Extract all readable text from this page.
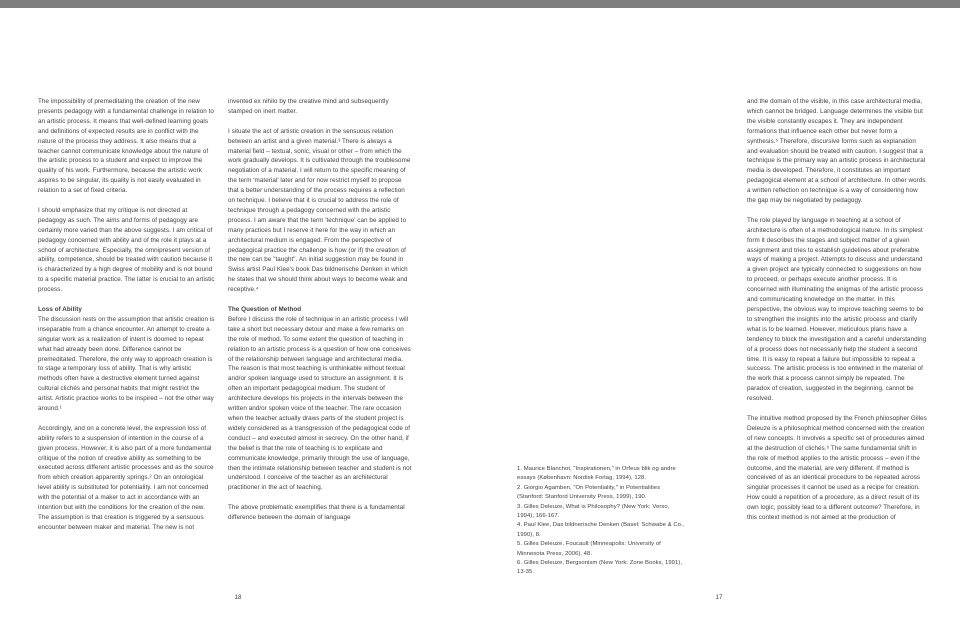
The impossibility of premeditating the creation of the new presents pedagogy with a fundamental challenge in relation to an artistic process. It means that well-defined learning goals and definitions of expected results are in conflict with the nature of the process they address. It also means that a teacher cannot communicate knowledge about the nature of the artistic process to a student and expect to improve the quality of his work. Furthermore, because the artistic work aspires to be singular, its quality is not easily evaluated in relation to a set of fixed criteria.
I should emphasize that my critique is not directed at pedagogy as such. The aims and forms of pedagogy are certainly more varied than the above suggests. I am critical of pedagogy concerned with ability and of the role it plays at a school of architecture. Especially, the omnipresent version of ability, competence, should be treated with caution because it is characterized by a high degree of mobility and is not bound to a specific material practice. The latter is crucial to an artistic process.
Loss of Ability
The discussion rests on the assumption that artistic creation is inseparable from a chance encounter. An attempt to create a singular work as a realization of intent is doomed to repeat what had already been done. Difference cannot be premeditated. Therefore, the only way to approach creation is to stage a temporary loss of ability. That is why artistic methods often have a destructive element turned against cultural clichés and personal habits that might restrict the artist. Artistic practice works to be inspired – not the other way around.¹
Accordingly, and on a concrete level, the expression loss of ability refers to a suspension of intention in the course of a given process. However, it is also part of a more fundamental critique of the notion of creative ability as something to be executed across different artistic processes and as the source from which creation apparently springs.² On an ontological level ability is substituted for potentiality. I am not concerned with the potential of a maker to act in accordance with an intention but with the conditions for the creation of the new. The assumption is that creation is triggered by a sensuous encounter between maker and material. The new is not
invented ex nihilo by the creative mind and subsequently stamped on inert matter.
I situate the act of artistic creation in the sensuous relation between an artist and a given material.³ There is always a material field – textual, sonic, visual or other – from which the work gradually develops. It is cultivated through the troublesome negotiation of a material. I will return to the specific meaning of the term 'material' later and for now restrict myself to propose that a better understanding of the process requires a reflection on technique. I believe that it is crucial to address the role of technique through a pedagogy concerned with the artistic process. I am aware that the term 'technique' can be applied to many practices but I reserve it here for the way in which an architectural medium is engaged. From the perspective of pedagogical practice the challenge is how (or if) the creation of the new can be "taught". An initial suggestion may be found in Swiss artist Paul Klee's book Das bildnerische Denken in which he states that we should think about ways to become weak and receptive.⁴
The Question of Method
Before I discuss the role of technique in an artistic process I will take a short but necessary detour and make a few remarks on the role of method. To some extent the question of teaching in relation to an artistic process is a question of how one conceives of the relationship between language and architectural media. The reason is that most teaching is unthinkable without textual and/or spoken language used to structure an assignment. It is often an important pedagogical medium. The student of architecture develops his projects in the intervals between the written and/or spoken voice of the teacher. The rare occasion when the teacher actually draws parts of the student project is widely considered as a transgression of the pedagogical code of conduct – and executed almost in secrecy. On the other hand, if the belief is that the role of teaching is to explicate and communicate knowledge, primarily through the use of language, then the intimate relationship between teacher and student is not understood. I conceive of the teacher as an architectural practitioner in the act of teaching.
The above problematic exemplifies that there is a fundamental difference between the domain of language
1. Maurice Blanchot, "Inspirationen," in Orfeus blik og andre essays (København: Nordisk Forlag, 1994), 128.
2. Giorgio Agamben, "On Potentiality," in Potentialities (Stanford: Stanford University Press, 1999), 190.
3. Gilles Deleuze, What is Philosophy? (New York: Verso, 1994), 166-167.
4. Paul Klee, Das bildnerische Denken (Basel: Schwabe & Co., 1990), 8.
5. Gilles Deleuze, Foucault (Minneapolis: University of Minnesota Press, 2006), 48.
6. Gilles Deleuze, Bergsonism (New York: Zone Books, 1991), 13-35.
and the domain of the visible, in this case architectural media, which cannot be bridged. Language determines the visible but the visible constantly escapes it. They are independent formations that influence each other but never form a synthesis.⁵ Therefore, discursive forms such as explanation and evaluation should be treated with caution. I suggest that a technique is the primary way an artistic process in architectural media is developed. Therefore, it constitutes an important pedagogical element at a school of architecture. In other words a written reflection on technique is a way of considering how the gap may be negotiated by pedagogy.
The role played by language in teaching at a school of architecture is often of a methodological nature. In its simplest form it describes the stages and subject matter of a given assignment and tries to establish guidelines about preferable ways of making a project. Attempts to discuss and understand a given project are typically connected to suggestions on how to proceed, or perhaps execute another process. It is concerned with illuminating the enigmas of the artistic process and communicating knowledge on the matter. In this perspective, the obvious way to improve teaching seems to be to strengthen the insights into the artistic process and clarify what is to be learned. However, meticulous plans have a tendency to block the investigation and a careful understanding of a process does not necessarily help the student a second time. It is easy to repeat a failure but impossible to repeat a success. The artistic process is too entwined in the material of the work that a process cannot simply be repeated. The paradox of creation, suggested in the beginning, cannot be resolved.
The intuitive method proposed by the French philosopher Gilles Deleuze is a philosophical method concerned with the creation of new concepts. It involves a specific set of procedures aimed at the destruction of clichés.⁶ The same fundamental shift in the role of method applies to the artistic process – even if the outcome, and the material, are very different. If method is conceived of as an identical procedure to be repeated across singular processes it cannot be used as a recipe for creation. How could a repetition of a procedure, as a direct result of its own logic, possibly lead to a different outcome? Therefore, in this context method is not aimed at the production of
18	17
